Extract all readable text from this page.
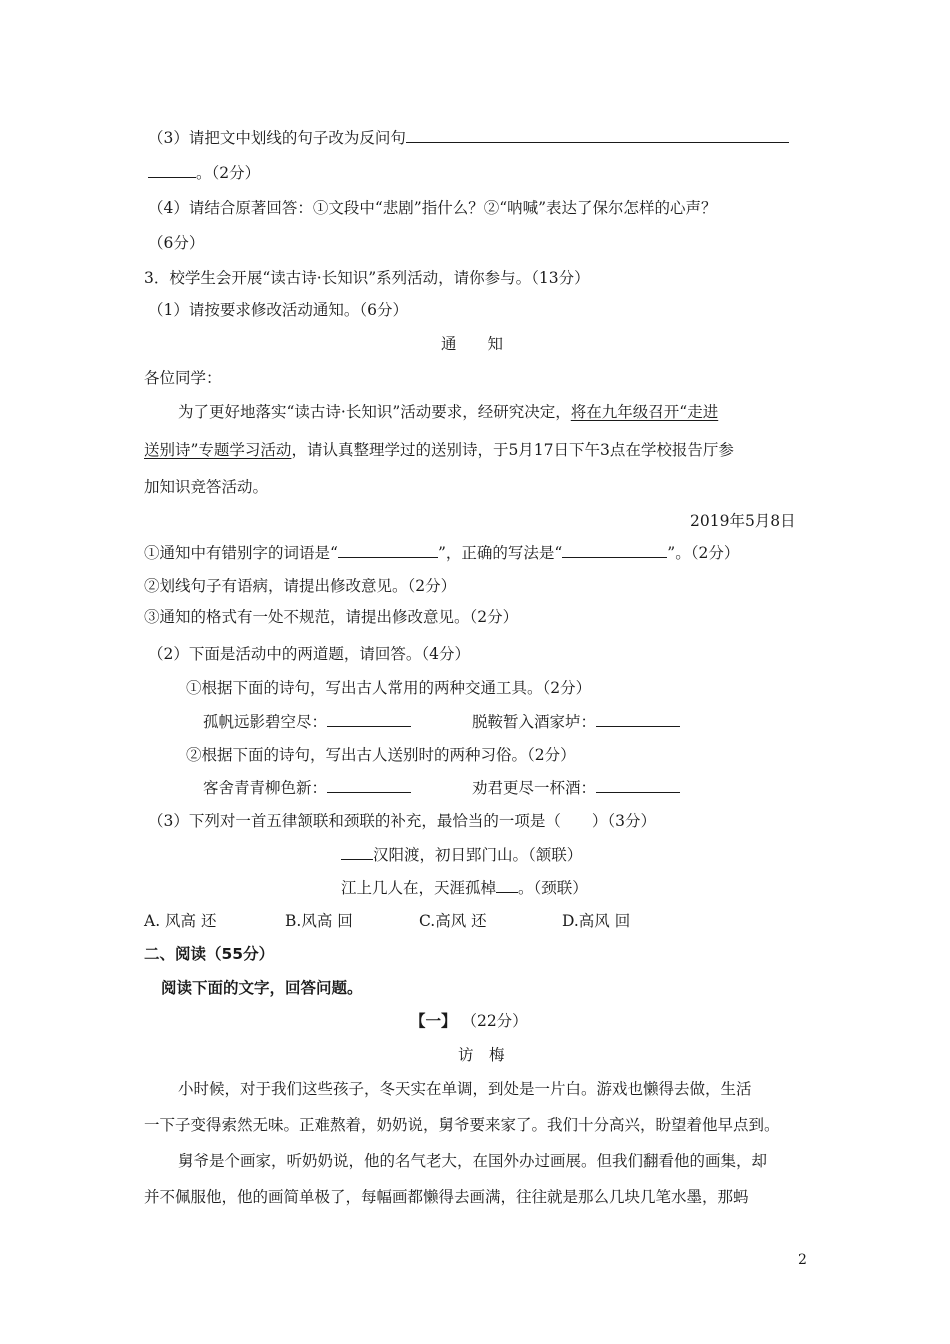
（3）请把文中划线的句子改为反问句
。（2分）
（4）请结合原著回答：①文段中“悲剧”指什么？②“呐喊”表达了保尔怎样的心声？
（6分）
3．校学生会开展“读古诗·长知识”系列活动，请你参与。（13分）
（1）请按要求修改活动通知。（6分）
通　　知
各位同学：
为了更好地落实“读古诗·长知识”活动要求，经研究决定，将在九年级召开“走进
送别诗”专题学习活动，请认真整理学过的送别诗，于5月17日下午3点在学校报告厅参
加知识竞答活动。
2019年5月8日
①通知中有错别字的词语是“	”，正确的写法是“	”。（2分）
②划线句子有语病，请提出修改意见。（2分）
③通知的格式有一处不规范，请提出修改意见。（2分）
（2）下面是活动中的两道题，请回答。（4分）
①根据下面的诗句，写出古人常用的两种交通工具。（2分）
孤帆远影碧空尽：	脱鞍暂入酒家垆：
②根据下面的诗句，写出古人送别时的两种习俗。（2分）
客舍青青柳色新：	劝君更尽一杯酒：
（3）下列对一首五律颔联和颈联的补充，最恰当的一项是（　　）（3分）
汉阳渡，初日郢门山。（颔联）
江上几人在，天涯孤棹 。（颈联）
A. 风高 还	B.风高 回	C.高风 还	D.高风 回
二、阅读（55分）
阅读下面的文字，回答问题。
【一】 （22分）
访　梅
小时候，对于我们这些孩子，冬天实在单调，到处是一片白。游戏也懒得去做，生活
一下子变得索然无味。正难熬着，奶奶说，舅爷要来家了。我们十分高兴，盼望着他早点到。
舅爷是个画家，听奶奶说，他的名气老大，在国外办过画展。但我们翻看他的画集，却
并不佩服他，他的画简单极了，每幅画都懒得去画满，往往就是那么几块几笔水墨，那蚂
2
